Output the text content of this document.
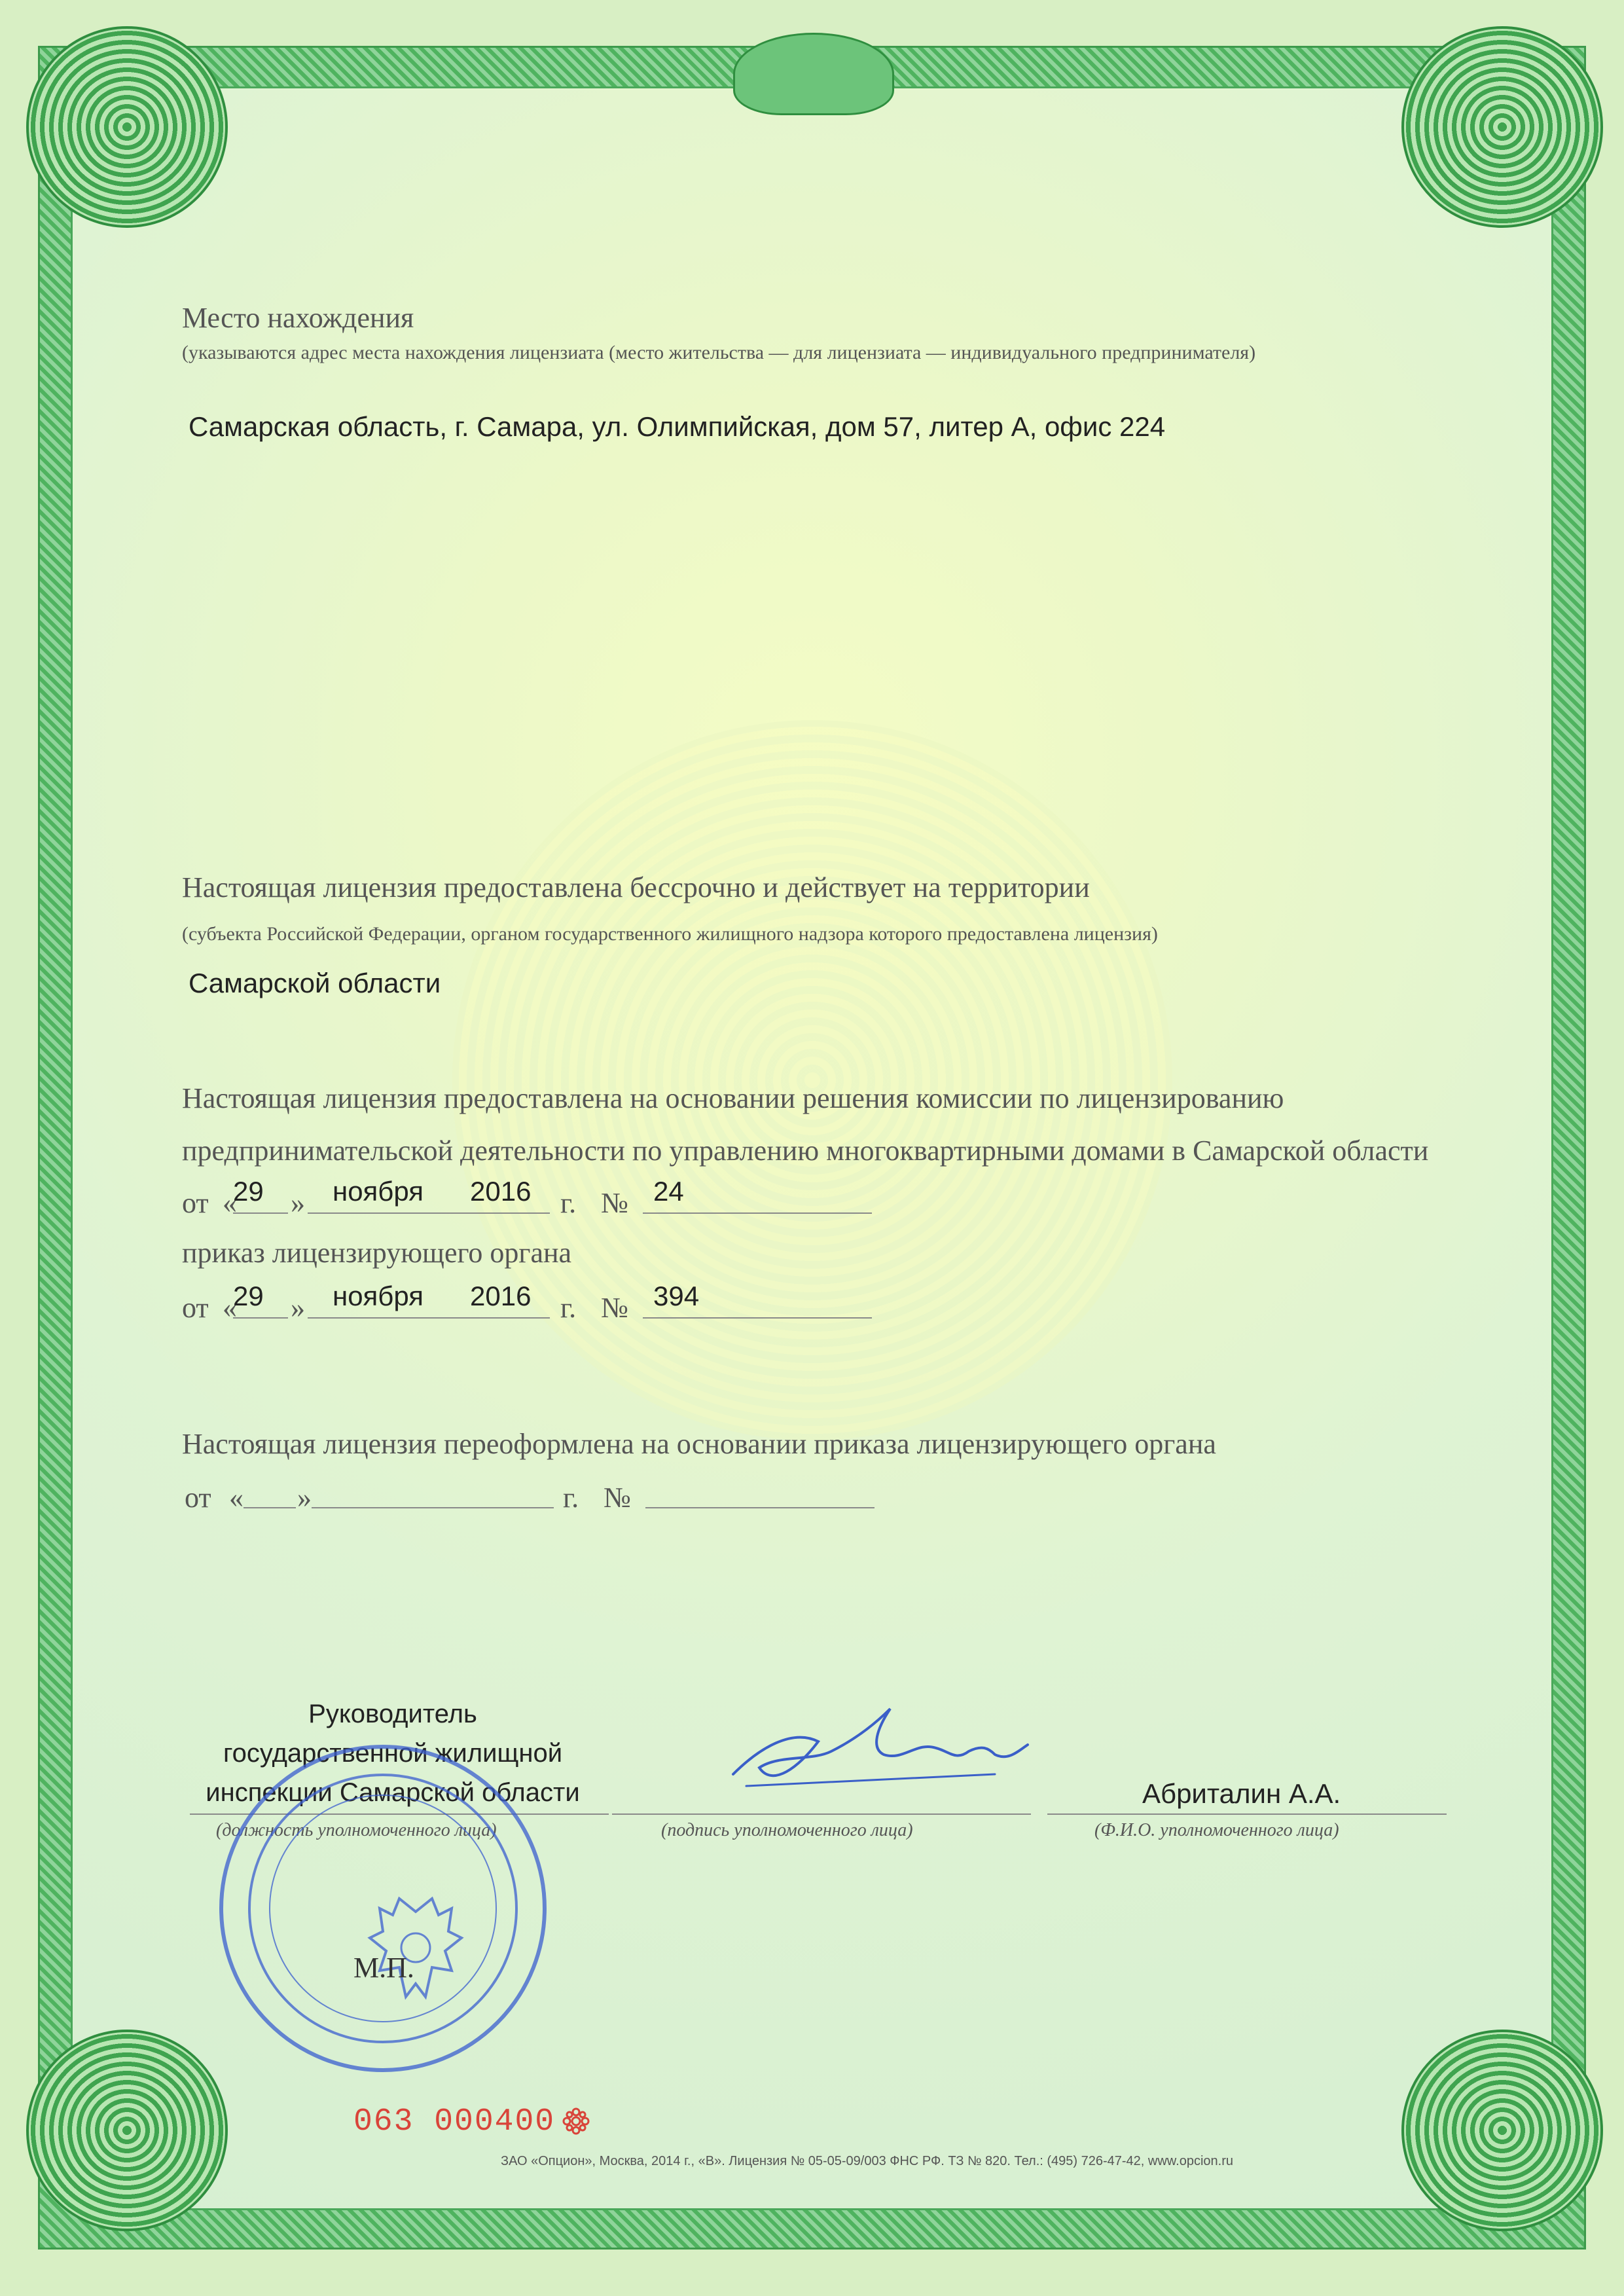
Место нахождения
(указываются адрес места нахождения лицензиата (место жительства — для лицензиата — индивидуального предпринимателя)
Самарская область, г. Самара, ул. Олимпийская, дом 57, литер А, офис 224
Настоящая лицензия предоставлена бессрочно и действует на территории
(субъекта Российской Федерации, органом государственного жилищного надзора которого предоставлена лицензия)
Самарской области
Настоящая лицензия предоставлена на основании решения комиссии по лицензированию
предпринимательской деятельности по управлению многоквартирными домами в Самарской области
от «
29 » ноября 2016 г. № 24
приказ лицензирующего органа
от «
29 » ноября 2016 г. № 394
Настоящая лицензия переоформлена на основании приказа лицензирующего органа
от « »	г. №
Руководитель
государственной жилищной
инспекции Самарской области
(должность уполномоченного лица)	(подпись уполномоченного лица)
Абриталин А.А.
(Ф.И.О. уполномоченного лица)
М.П.
063 000400
ЗАО «Опцион», Москва, 2014 г., «В». Лицензия № 05-05-09/003 ФНС РФ. ТЗ № 820. Тел.: (495) 726-47-42, www.opcion.ru
